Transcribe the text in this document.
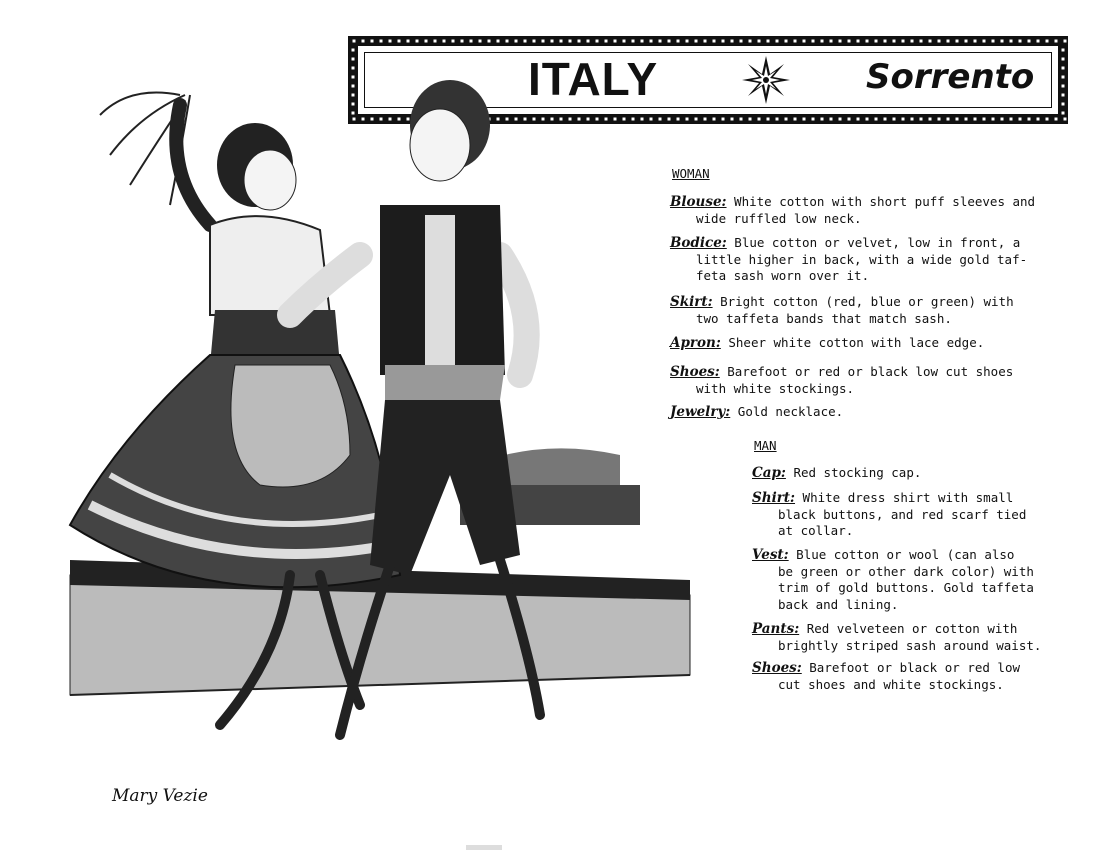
ITALY	Sorrento
Mary Vezie
WOMAN
Blouse: White cotton with short puff sleeves and
wide ruffled low neck.
Bodice: Blue cotton or velvet, low in front, a
little higher in back, with a wide gold taf-
feta sash worn over it.
Skirt: Bright cotton (red, blue or green) with
two taffeta bands that match sash.
Apron: Sheer white cotton with lace edge.
Shoes: Barefoot or red or black low cut shoes
with white stockings.
Jewelry: Gold necklace.
MAN
Cap: Red stocking cap.
Shirt: White dress shirt with small
black buttons, and red scarf tied
at collar.
Vest: Blue cotton or wool (can also
be green or other dark color) with
trim of gold buttons. Gold taffeta
back and lining.
Pants: Red velveteen or cotton with
brightly striped sash around waist.
Shoes: Barefoot or black or red low
cut shoes and white stockings.
